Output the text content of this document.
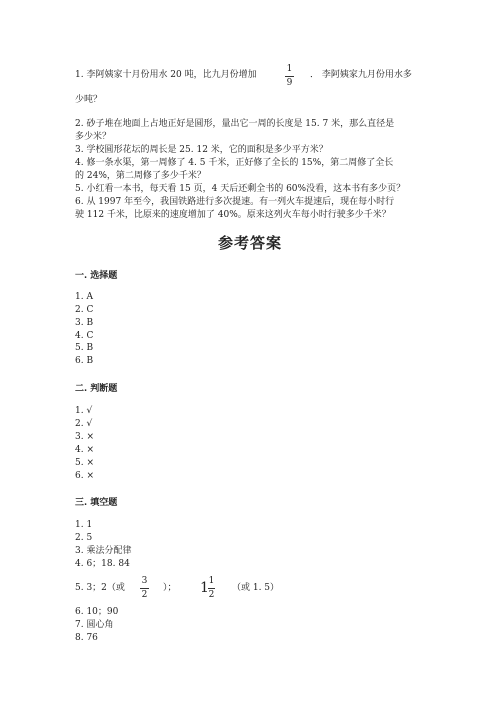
1. 李阿姨家十月份用水 20 吨，比九月份增加
1
9
． 李阿姨家九月份用水多
少吨？
2. 砂子堆在地面上占地正好是圆形，量出它一周的长度是 15. 7 米，那么直径是
多少米？
3. 学校圆形花坛的周长是 25. 12 米，它的面积是多少平方米？
4. 修一条水渠，第一周修了 4. 5 千米，正好修了全长的 15%，第二周修了全长
的 24%，第二周修了多少千米？
5. 小红看一本书，每天看 15 页，4 天后还剩全书的 60%没看，这本书有多少页？
6. 从 1997 年至今，我国铁路进行多次提速。有一列火车提速后，现在每小时行
驶 112 千米，比原来的速度增加了 40%。原来这列火车每小时行驶多少千米？
参考答案
一. 选择题
1. A
2. C
3. B
4. C
5. B
6. B
二. 判断题
1. √
2. √
3. ×
4. ×
5. ×
6. ×
三. 填空题
1. 1
2. 5
3. 乘法分配律
4. 6；18. 84
5. 3；2（或
3
2
）； 1 1
2
（或 1. 5）
6. 10；90
7. 圆心角
8. 76
